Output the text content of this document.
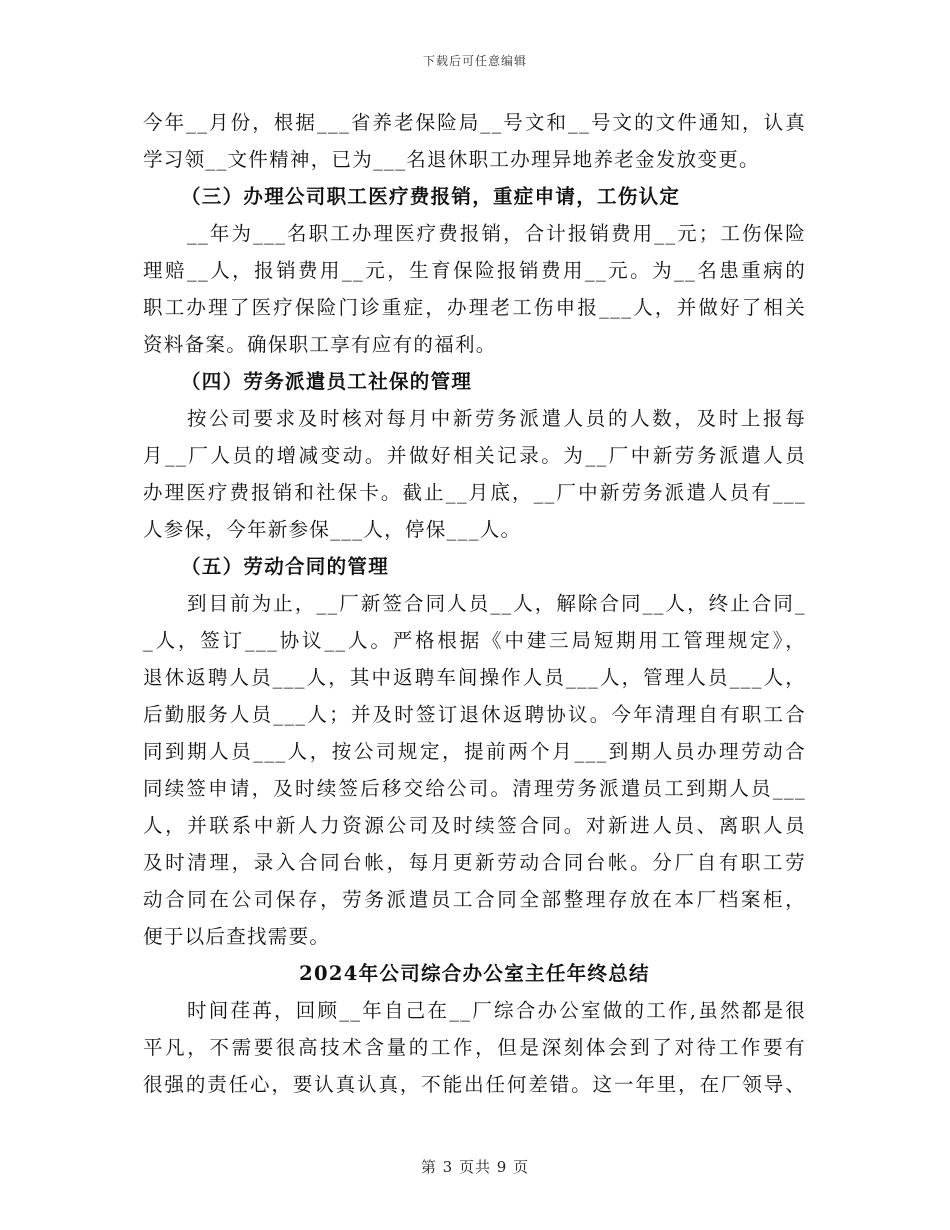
下载后可任意编辑
今年__月份，根据___省养老保险局__号文和__号文的文件通知，认真
学习领__文件精神，已为___名退休职工办理异地养老金发放变更。
（三）办理公司职工医疗费报销，重症申请，工伤认定
__年为___名职工办理医疗费报销，合计报销费用__元；工伤保险
理赔__人，报销费用__元，生育保险报销费用__元。为__名患重病的
职工办理了医疗保险门诊重症，办理老工伤申报___人，并做好了相关
资料备案。确保职工享有应有的福利。
（四）劳务派遣员工社保的管理
按公司要求及时核对每月中新劳务派遣人员的人数，及时上报每
月__厂人员的增减变动。并做好相关记录。为__厂中新劳务派遣人员
办理医疗费报销和社保卡。截止__月底，__厂中新劳务派遣人员有___
人参保，今年新参保___人，停保___人。
（五）劳动合同的管理
到目前为止，__厂新签合同人员__人，解除合同__人，终止合同_
_人，签订___协议__人。严格根据《中建三局短期用工管理规定》，
退休返聘人员___人，其中返聘车间操作人员___人，管理人员___人，
后勤服务人员___人；并及时签订退休返聘协议。今年清理自有职工合
同到期人员___人，按公司规定，提前两个月___到期人员办理劳动合
同续签申请，及时续签后移交给公司。清理劳务派遣员工到期人员___
人，并联系中新人力资源公司及时续签合同。对新进人员、离职人员
及时清理，录入合同台帐，每月更新劳动合同台帐。分厂自有职工劳
动合同在公司保存，劳务派遣员工合同全部整理存放在本厂档案柜，
便于以后查找需要。
2024年公司综合办公室主任年终总结
时间荏苒，回顾__年自己在__厂综合办公室做的工作,虽然都是很
平凡，不需要很高技术含量的工作，但是深刻体会到了对待工作要有
很强的责任心，要认真认真，不能出任何差错。这一年里，在厂领导、
第 3 页共 9 页
